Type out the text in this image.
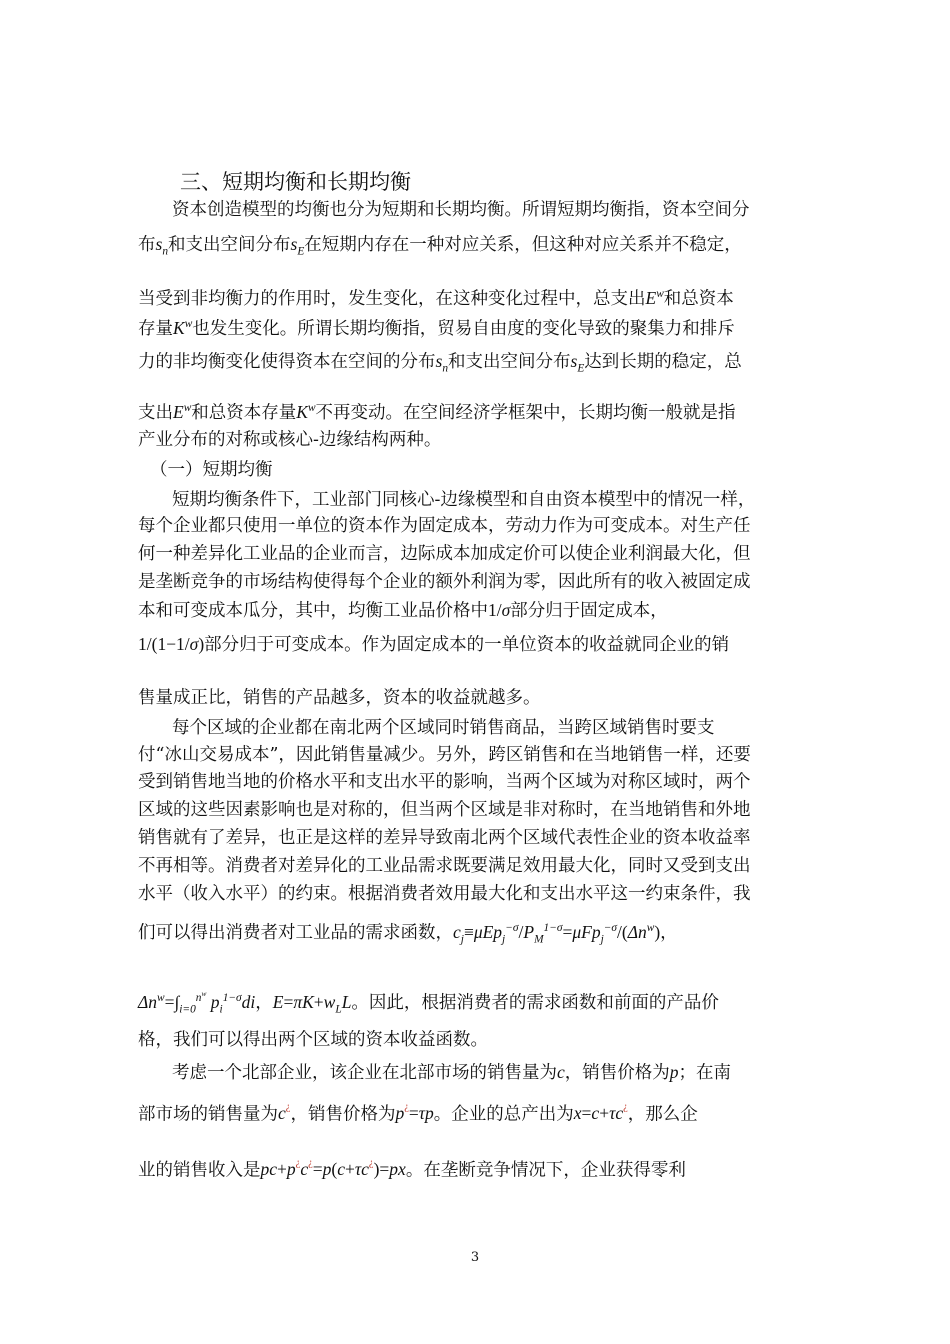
三、短期均衡和长期均衡
资本创造模型的均衡也分为短期和长期均衡。所谓短期均衡指，资本空间分
布$s_n$和支出空间分布$s_E$在短期内存在一种对应关系，但这种对应关系并不稳定，
当受到非均衡力的作用时，发生变化，在这种变化过程中，总支出$E^w$和总资本
存量$K^w$也发生变化。所谓长期均衡指，贸易自由度的变化导致的聚集力和排斥
力的非均衡变化使得资本在空间的分布$s_n$和支出空间分布$s_E$达到长期的稳定，总
支出$E^w$和总资本存量$K^w$不再变动。在空间经济学框架中，长期均衡一般就是指
产业分布的对称或核心-边缘结构两种。
（一）短期均衡
短期均衡条件下，工业部门同核心-边缘模型和自由资本模型中的情况一样，
每个企业都只使用一单位的资本作为固定成本，劳动力作为可变成本。对生产任
何一种差异化工业品的企业而言，边际成本加成定价可以使企业利润最大化，但
是垄断竞争的市场结构使得每个企业的额外利润为零，因此所有的收入被固定成
本和可变成本瓜分，其中，均衡工业品价格中1/σ部分归于固定成本，
1/(1−1/σ)部分归于可变成本。作为固定成本的一单位资本的收益就同企业的销
售量成正比，销售的产品越多，资本的收益就越多。
每个区域的企业都在南北两个区域同时销售商品，当跨区域销售时要支
付“冰山交易成本”，因此销售量减少。另外，跨区销售和在当地销售一样，还要
受到销售地当地的价格水平和支出水平的影响，当两个区域为对称区域时，两个
区域的这些因素影响也是对称的，但当两个区域是非对称时，在当地销售和外地
销售就有了差异，也正是这样的差异导致南北两个区域代表性企业的资本收益率
不再相等。消费者对差异化的工业品需求既要满足效用最大化，同时又受到支出
水平（收入水平）的约束。根据消费者效用最大化和支出水平这一约束条件，我
们可以得出消费者对工业品的需求函数，$c_j\equiv\mu Ep_j^{-\sigma}/P_M^{1-\sigma}=\mu Fp_j^{-\sigma}/(\Delta n^w)$，
$\Delta n^w=\int_{i=0}^{n^w}$ $p_i^{1-\sigma}di$，$E=\pi K+w_LL$。因此，根据消费者的需求函数和前面的产品价
格，我们可以得出两个区域的资本收益函数。
考虑一个北部企业，该企业在北部市场的销售量为c，销售价格为p；在南
部市场的销售量为c¿，销售价格为p¿=τp。企业的总产出为x=c+τc¿，那么企
业的销售收入是pc+p¿c¿=p(c+τc¿)=px。在垄断竞争情况下，企业获得零利
3
